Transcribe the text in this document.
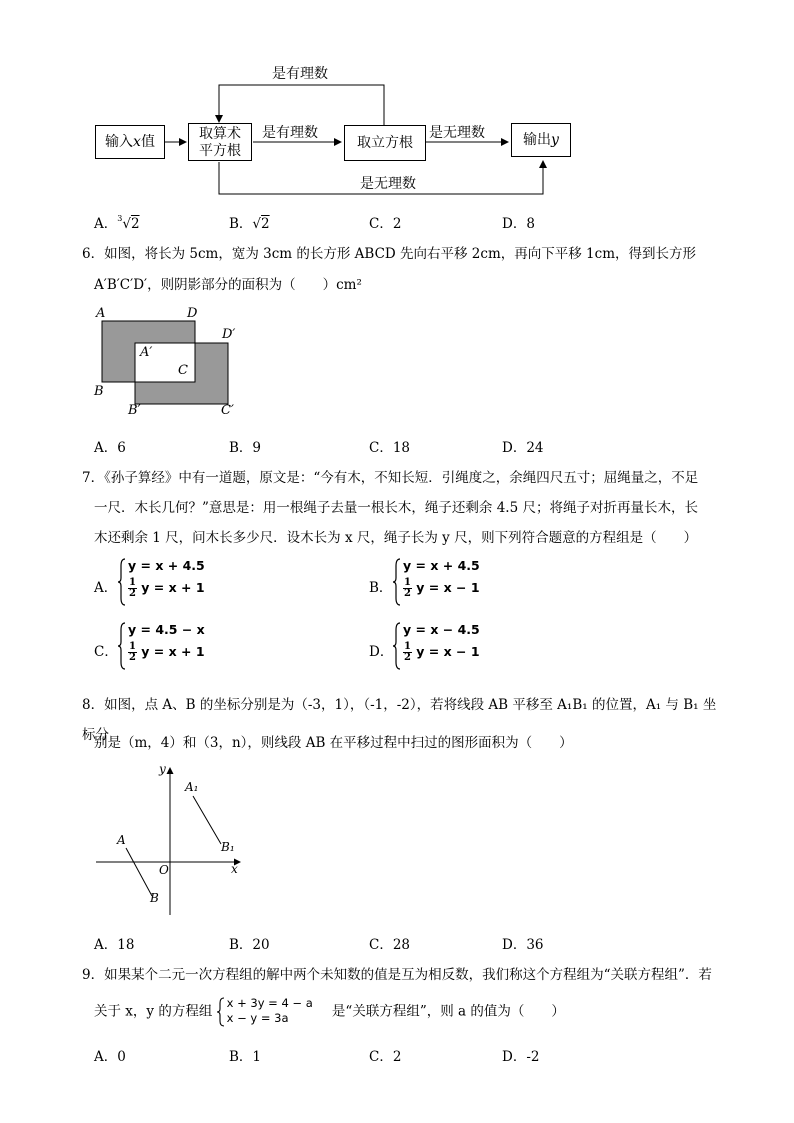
是有理数
输入x值	取算术
平方根
是有理数
取立方根
是无理数	输出y
是无理数
A．$^3$√2	B．√2	C．2	D．8
6．如图，将长为 5cm，宽为 3cm 的长方形 ABCD 先向右平移 2cm，再向下平移 1cm，得到长方形
A′B′C′D′，则阴影部分的面积为（　　）cm²
A	D
D′
A′
C
B
B′	C′
A．6	B．9	C．18	D．24
7．《孙子算经》中有一道题，原文是：“今有木，不知长短．引绳度之，余绳四尺五寸；屈绳量之，不足
一尺．木长几何？”意思是：用一根绳子去量一根长木，绳子还剩余 4.5 尺；将绳子对折再量长木，长
木还剩余 1 尺，问木长多少尺．设木长为 x 尺，绳子长为 y 尺，则下列符合题意的方程组是（　　）
A．
y = x + 4.5
$\frac{1}{2}$ y = x + 1	B．
y = x + 4.5
$\frac{1}{2}$ y = x − 1
C．
y = 4.5 − x
$\frac{1}{2}$ y = x + 1	D．
y = x − 4.5
$\frac{1}{2}$ y = x − 1
8．如图，点 A、B 的坐标分别是为（-3，1），（-1，-2），若将线段 AB 平移至 A₁B₁ 的位置，A₁ 与 B₁ 坐标分
别是（m，4）和（3，n），则线段 AB 在平移过程中扫过的图形面积为（　　）
y
x
O
A
B
A₁
B₁
A．18	B．20	C．28	D．36
9．如果某个二元一次方程组的解中两个未知数的值是互为相反数，我们称这个方程组为“关联方程组”．若
关于 x，y 的方程组
x + 3y = 4 − a
x − y = 3a	是“关联方程组”，则 a 的值为（　　）
A．0	B．1	C．2	D．-2
